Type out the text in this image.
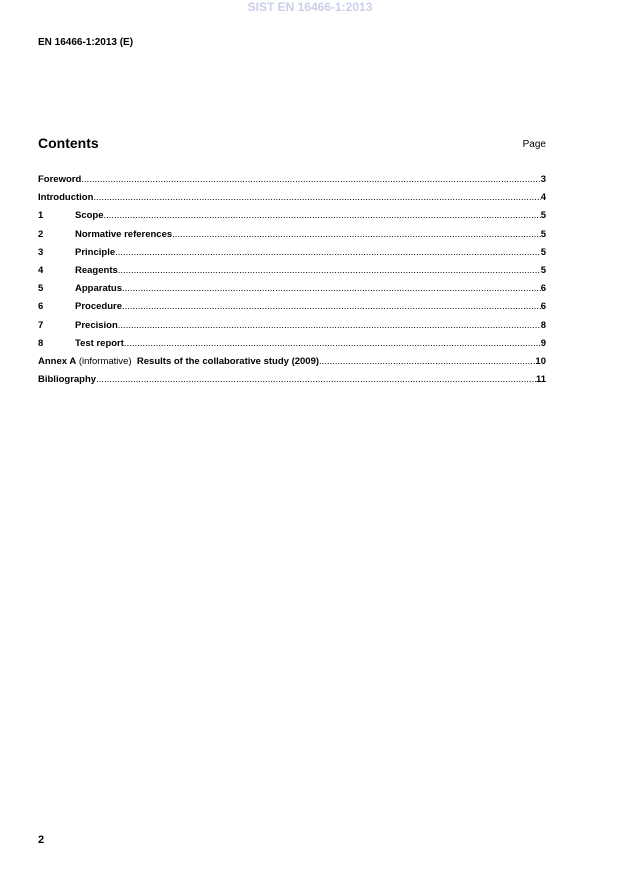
SIST EN 16466-1:2013
EN 16466-1:2013 (E)
Contents	Page
Foreword .....	3
Introduction .....	4
1	Scope .....	5
2	Normative references .....	5
3	Principle .....	5
4	Reagents .....	5
5	Apparatus .....	6
6	Procedure .....	6
7	Precision .....	8
8	Test report .....	9
Annex A (informative)  Results of the collaborative study (2009) .....	10
Bibliography .....	11
2
